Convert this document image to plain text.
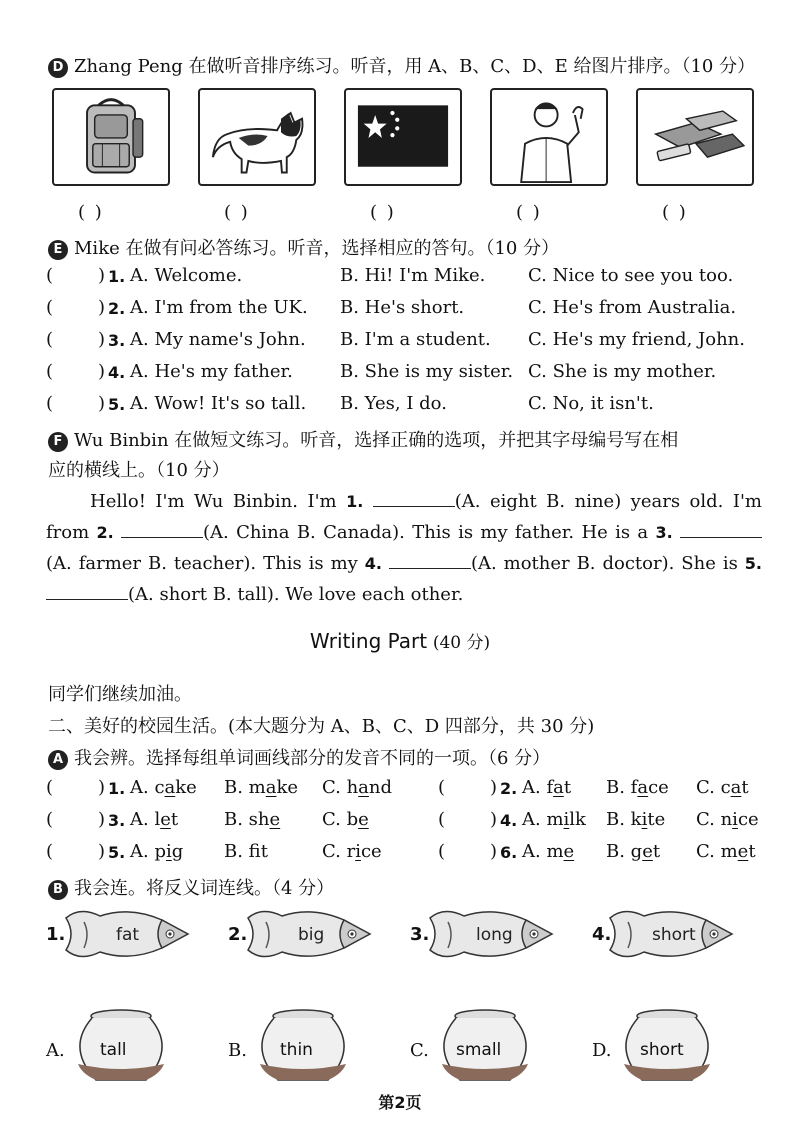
D Zhang Peng 在做听音排序练习。听音，用 A、B、C、D、E 给图片排序。（10 分）
( )	( )	( )	( )	( )
E Mike 在做有问必答练习。听音，选择相应的答句。（10 分）
( ) 1. A. Welcome.	B. Hi! I'm Mike. C. Nice to see you too.
( ) 2. A. I'm from the UK. B. He's short.	C. He's from Australia.
( ) 3. A. My name's John. B. I'm a student. C. He's my friend, John.
( ) 4. A. He's my father.	B. She is my sister. C. She is my mother.
( ) 5. A. Wow! It's so tall. B. Yes, I do.	C. No, it isn't.
F Wu Binbin 在做短文练习。听音，选择正确的选项，并把其字母编号写在相
应的横线上。（10 分）

Hello! I'm Wu Binbin. I'm 1.	(A. eight B. nine) years old. I'm from 2.	(A. China B. Canada). This is my father. He is a 3. (A. farmer B. teacher). This is my 4.	(A. mother B. doctor). She is 5. (A. short B. tall). We love each other.

Writing Part (40 分)
同学们继续加油。
二、美好的校园生活。(本大题分为 A、B、C、D 四部分，共 30 分)
A 我会辨。选择每组单词画线部分的发音不同的一项。（6 分）
( ) 1. A. cake B. make C. hand	( ) 2. A. fat B. face C. cat
( ) 3. A. let	B. she C. be	( ) 4. A. milk B. kite C. nice
( ) 5. A. pig B. ft	C. rice	( ) 6. A. me B. get C. met
B 我会连。将反义词连线。（4 分）
1.	fat	2.	big	3.	long	4. short
A. tall	B. thin	C. small	D. short
第2页
